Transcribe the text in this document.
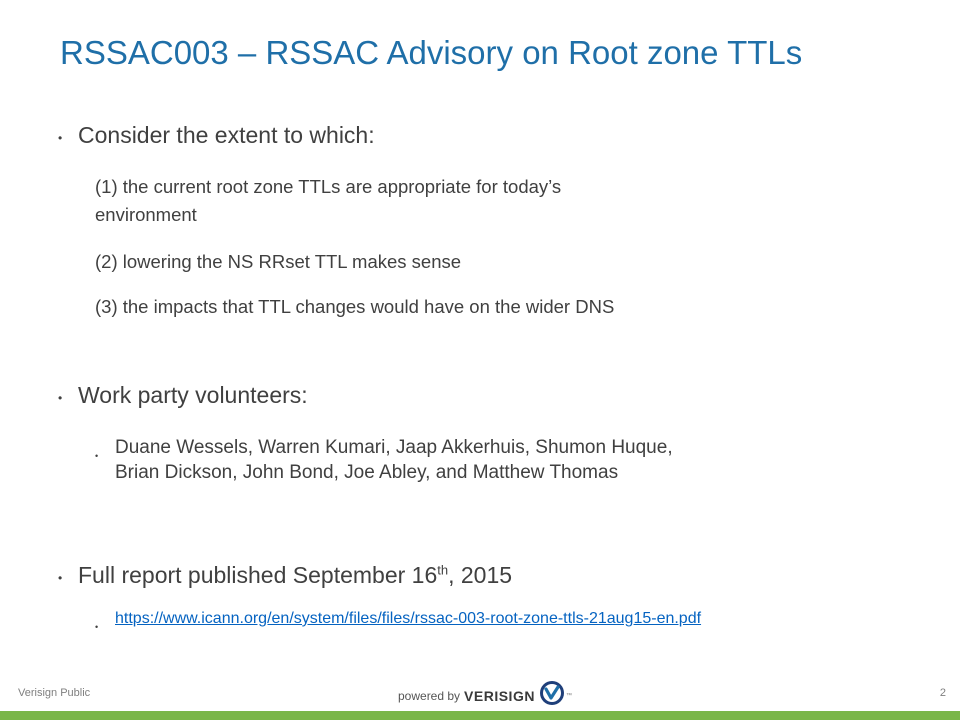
RSSAC003 – RSSAC Advisory on Root zone TTLs
• Consider the extent to which:
(1) the current root zone TTLs are appropriate for today’s
environment
(2) lowering the NS RRset TTL makes sense
(3) the impacts that TTL changes would have on the wider DNS
• Work party volunteers:
• Duane Wessels, Warren Kumari, Jaap Akkerhuis, Shumon Huque,
Brian Dickson, John Bond, Joe Abley, and Matthew Thomas
• Full report published September 16th, 2015
•	https://www.icann.org/en/system/files/files/rssac-003-root-zone-ttls-21aug15-en.pdf
Verisign Public	powered by VERISIGN	™	2
